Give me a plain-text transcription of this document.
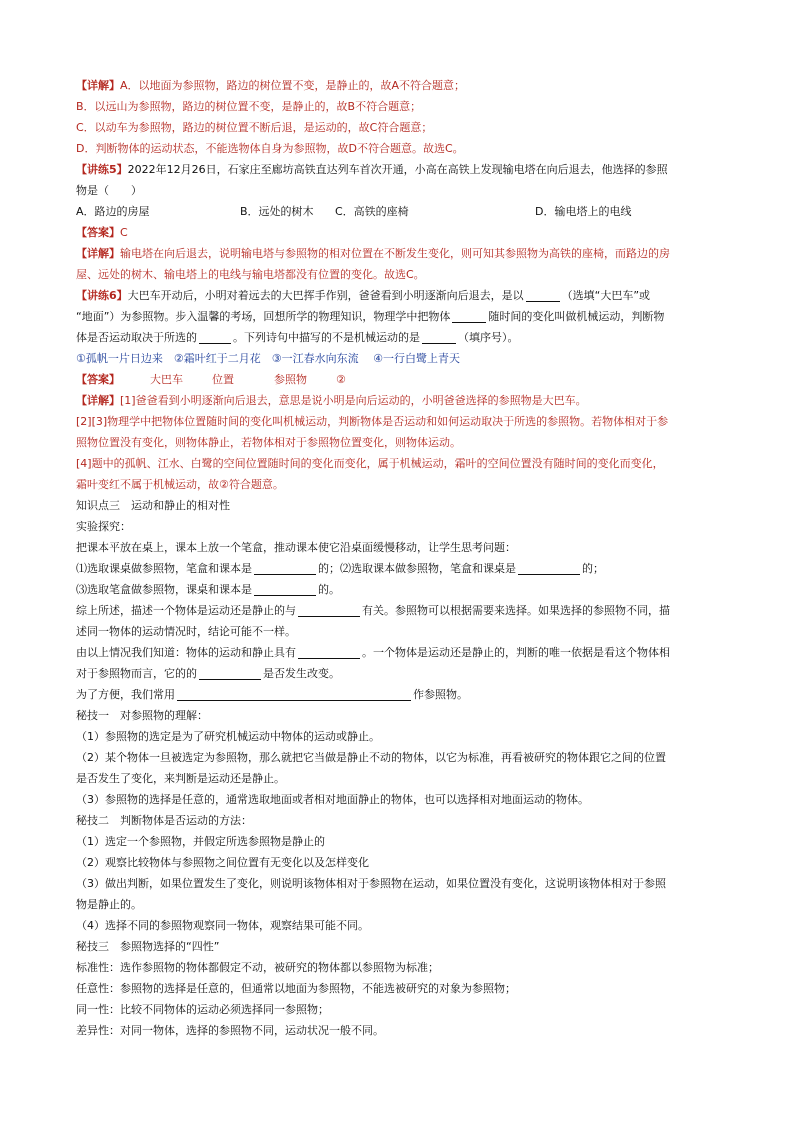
【详解】A．以地面为参照物，路边的树位置不变，是静止的，故A不符合题意；
B．以远山为参照物，路边的树位置不变，是静止的，故B不符合题意；
C．以动车为参照物，路边的树位置不断后退，是运动的，故C符合题意；
D．判断物体的运动状态，不能选物体自身为参照物，故D不符合题意。故选C。
【讲练5】2022年12月26日，石家庄至廊坊高铁直达列车首次开通，小高在高铁上发现输电塔在向后退去，他选择的参照
物是（　　）
A．路边的房屋	B．远处的树木 C．高铁的座椅	D．输电塔上的电线
【答案】C
【详解】输电塔在向后退去，说明输电塔与参照物的相对位置在不断发生变化，则可知其参照物为高铁的座椅，而路边的房
屋、远处的树木、输电塔上的电线与输电塔都没有位置的变化。故选C。
【讲练6】大巴车开动后，小明对着远去的大巴挥手作别，爸爸看到小明逐渐向后退去，是以	（选填“大巴车”或
“地面”）为参照物。步入温馨的考场，回想所学的物理知识，物理学中把物体	随时间的变化叫做机械运动，判断物
体是否运动取决于所选的	。下列诗句中描写的不是机械运动的是	（填序号）。
①孤帆一片日边来　②霜叶红于二月花　③一江春水向东流　 ④一行白鹭上青天
【答案】	大巴车	位置	参照物	②
【详解】[1]爸爸看到小明逐渐向后退去，意思是说小明是向后运动的，小明爸爸选择的参照物是大巴车。
[2][3]物理学中把物体位置随时间的变化叫机械运动，判断物体是否运动和如何运动取决于所选的参照物。若物体相对于参
照物位置没有变化，则物体静止，若物体相对于参照物位置变化，则物体运动。
[4]题中的孤帆、江水、白鹭的空间位置随时间的变化而变化，属于机械运动，霜叶的空间位置没有随时间的变化而变化，
霜叶变红不属于机械运动，故②符合题意。
知识点三　运动和静止的相对性
实验探究：
把课本平放在桌上，课本上放一个笔盒，推动课本使它沿桌面缓慢移动，让学生思考问题：
⑴选取课桌做参照物，笔盒和课本是	的；⑵选取课本做参照物，笔盒和课桌是	的；
⑶选取笔盒做参照物，课桌和课本是	的。
综上所述，描述一个物体是运动还是静止的与	有关。参照物可以根据需要来选择。如果选择的参照物不同，描
述同一物体的运动情况时，结论可能不一样。
由以上情况我们知道：物体的运动和静止具有	。一个物体是运动还是静止的，判断的唯一依据是看这个物体相
对于参照物而言，它的的	是否发生改变。
为了方便，我们常用	作参照物。
秘技一　对参照物的理解：
（1）参照物的选定是为了研究机械运动中物体的运动或静止。
（2）某个物体一旦被选定为参照物，那么就把它当做是静止不动的物体，以它为标准，再看被研究的物体跟它之间的位置
是否发生了变化，来判断是运动还是静止。
（3）参照物的选择是任意的，通常选取地面或者相对地面静止的物体，也可以选择相对地面运动的物体。
秘技二　判断物体是否运动的方法：
（1）选定一个参照物，并假定所选参照物是静止的
（2）观察比较物体与参照物之间位置有无变化以及怎样变化
（3）做出判断，如果位置发生了变化，则说明该物体相对于参照物在运动，如果位置没有变化，这说明该物体相对于参照
物是静止的。
（4）选择不同的参照物观察同一物体，观察结果可能不同。
秘技三　参照物选择的“四性”
标准性：选作参照物的物体都假定不动，被研究的物体都以参照物为标准；
任意性：参照物的选择是任意的，但通常以地面为参照物，不能选被研究的对象为参照物；
同一性：比较不同物体的运动必须选择同一参照物；
差异性：对同一物体，选择的参照物不同，运动状况一般不同。
